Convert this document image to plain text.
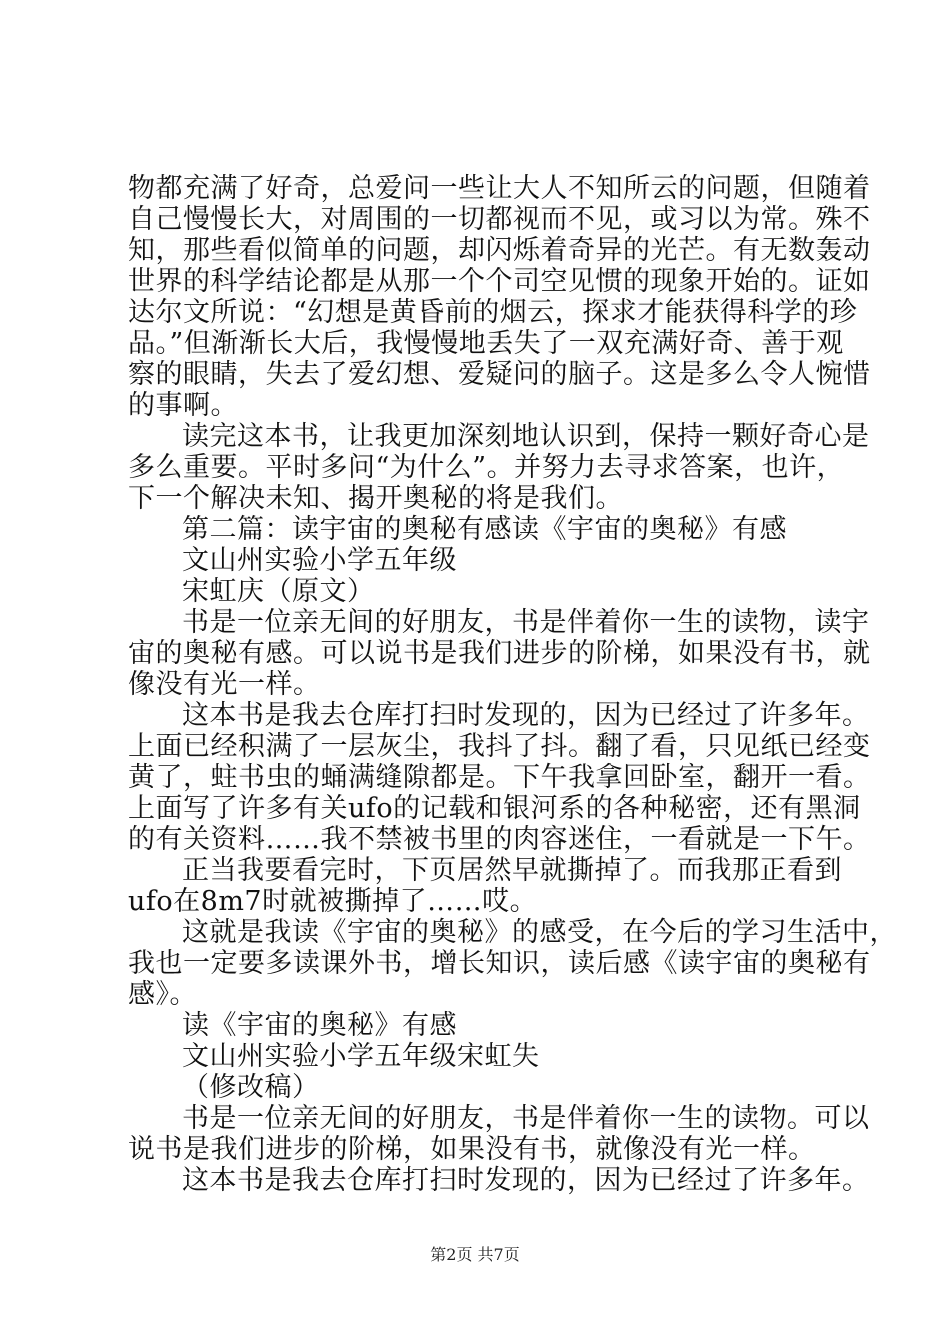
物都充满了好奇，总爱问一些让大人不知所云的问题，但随着

自己慢慢长大，对周围的一切都视而不见，或习以为常。殊不

知，那些看似简单的问题，却闪烁着奇异的光芒。有无数轰动

世界的科学结论都是从那一个个司空见惯的现象开始的。证如

达尔文所说：“幻想是黄昏前的烟云，探求才能获得科学的珍

品。”但渐渐长大后，我慢慢地丢失了一双充满好奇、善于观

察的眼睛，失去了爱幻想、爱疑问的脑子。这是多么令人惋惜

的事啊。

读完这本书，让我更加深刻地认识到，保持一颗好奇心是

多么重要。平时多问“为什么”。并努力去寻求答案，也许，

下一个解决未知、揭开奥秘的将是我们。

第二篇：读宇宙的奥秘有感读《宇宙的奥秘》有感

文山州实验小学五年级

宋虹庆（原文）

书是一位亲无间的好朋友，书是伴着你一生的读物，读宇

宙的奥秘有感。可以说书是我们进步的阶梯，如果没有书，就

像没有光一样。

这本书是我去仓库打扫时发现的，因为已经过了许多年。

上面已经积满了一层灰尘，我抖了抖。翻了看，只见纸已经变

黄了，蛀书虫的蛹满缝隙都是。下午我拿回卧室，翻开一看。

上面写了许多有关ufo的记载和银河系的各种秘密，还有黑洞

的有关资料……我不禁被书里的肉容迷住，一看就是一下午。

正当我要看完时，下页居然早就撕掉了。而我那正看到

ufo在8m7时就被撕掉了……哎。

这就是我读《宇宙的奥秘》的感受，在今后的学习生活中，

我也一定要多读课外书，增长知识，读后感《读宇宙的奥秘有

感》。

读《宇宙的奥秘》有感

文山州实验小学五年级宋虹失

（修改稿）

书是一位亲无间的好朋友，书是伴着你一生的读物。可以

说书是我们进步的阶梯，如果没有书，就像没有光一样。

这本书是我去仓库打扫时发现的，因为已经过了许多年。

第2页 共7页
